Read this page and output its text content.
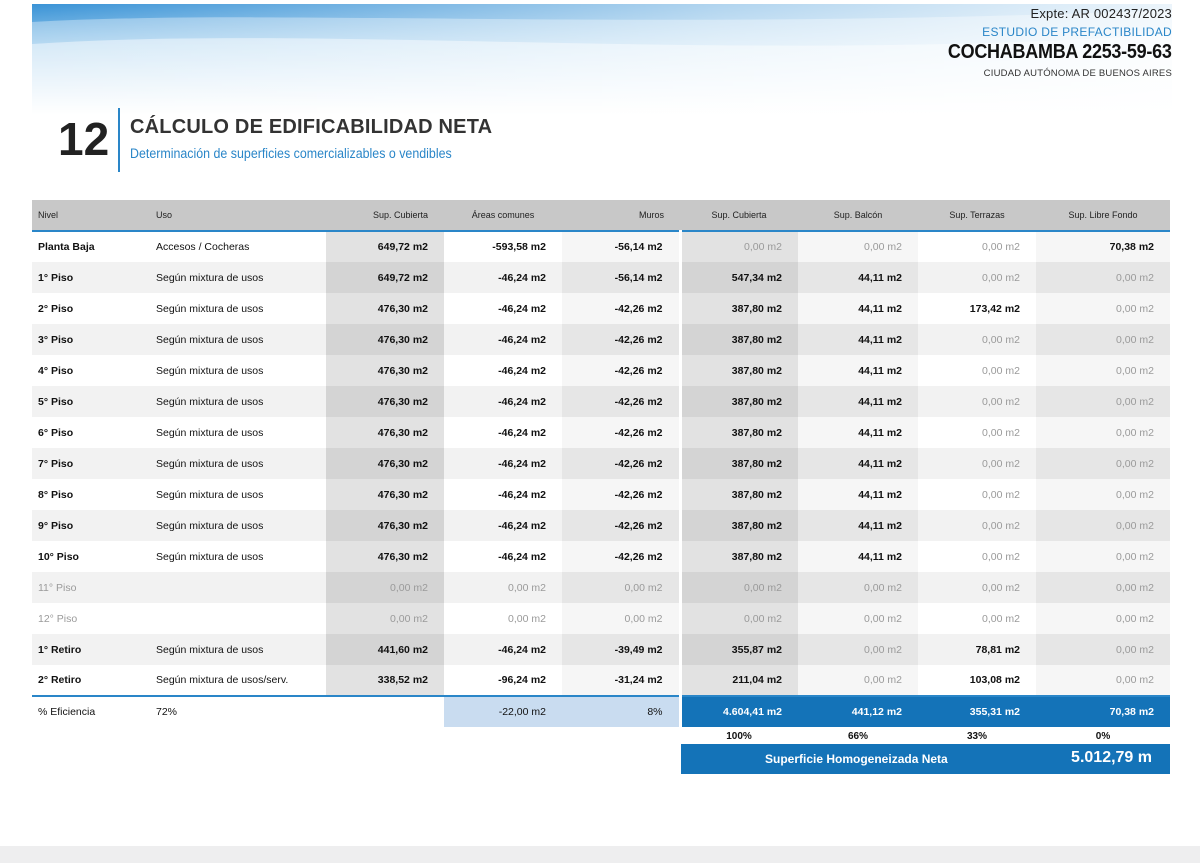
Expte: AR 002437/2023
ESTUDIO DE PREFACTIBILIDAD
COCHABAMBA 2253-59-63
CIUDAD AUTÓNOMA DE BUENOS AIRES
12 CÁLCULO DE EDIFICABILIDAD NETA
Determinación de superficies comercializables o vendibles
Nivel	Uso	Sup. Cubierta	Áreas comunes	Muros	Sup. Cubierta	Sup. Balcón	Sup. Terrazas	Sup. Libre Fondo
Planta Baja	Accesos / Cocheras	649,72 m2	-593,58 m2	-56,14 m2	0,00 m2	0,00 m2	0,00 m2	70,38 m2
1° Piso	Según mixtura de usos	649,72 m2	-46,24 m2	-56,14 m2	547,34 m2	44,11 m2	0,00 m2	0,00 m2
2° Piso	Según mixtura de usos	476,30 m2	-46,24 m2	-42,26 m2	387,80 m2	44,11 m2	173,42 m2	0,00 m2
3° Piso	Según mixtura de usos	476,30 m2	-46,24 m2	-42,26 m2	387,80 m2	44,11 m2	0,00 m2	0,00 m2
4° Piso	Según mixtura de usos	476,30 m2	-46,24 m2	-42,26 m2	387,80 m2	44,11 m2	0,00 m2	0,00 m2
5° Piso	Según mixtura de usos	476,30 m2	-46,24 m2	-42,26 m2	387,80 m2	44,11 m2	0,00 m2	0,00 m2
6° Piso	Según mixtura de usos	476,30 m2	-46,24 m2	-42,26 m2	387,80 m2	44,11 m2	0,00 m2	0,00 m2
7° Piso	Según mixtura de usos	476,30 m2	-46,24 m2	-42,26 m2	387,80 m2	44,11 m2	0,00 m2	0,00 m2
8° Piso	Según mixtura de usos	476,30 m2	-46,24 m2	-42,26 m2	387,80 m2	44,11 m2	0,00 m2	0,00 m2
9° Piso	Según mixtura de usos	476,30 m2	-46,24 m2	-42,26 m2	387,80 m2	44,11 m2	0,00 m2	0,00 m2
10° Piso	Según mixtura de usos	476,30 m2	-46,24 m2	-42,26 m2	387,80 m2	44,11 m2	0,00 m2	0,00 m2
11° Piso		0,00 m2	0,00 m2	0,00 m2	0,00 m2	0,00 m2	0,00 m2	0,00 m2
12° Piso		0,00 m2	0,00 m2	0,00 m2	0,00 m2	0,00 m2	0,00 m2	0,00 m2
1° Retiro	Según mixtura de usos	441,60 m2	-46,24 m2	-39,49 m2	355,87 m2	0,00 m2	78,81 m2	0,00 m2
2° Retiro	Según mixtura de usos/serv.	338,52 m2	-96,24 m2	-31,24 m2	211,04 m2	0,00 m2	103,08 m2	0,00 m2
% Eficiencia	72%		-22,00 m2	8%	4.604,41 m2	441,12 m2	355,31 m2	70,38 m2
					100%	66%	33%	0%
Superficie Homogeneizada Neta	5.012,79 m
